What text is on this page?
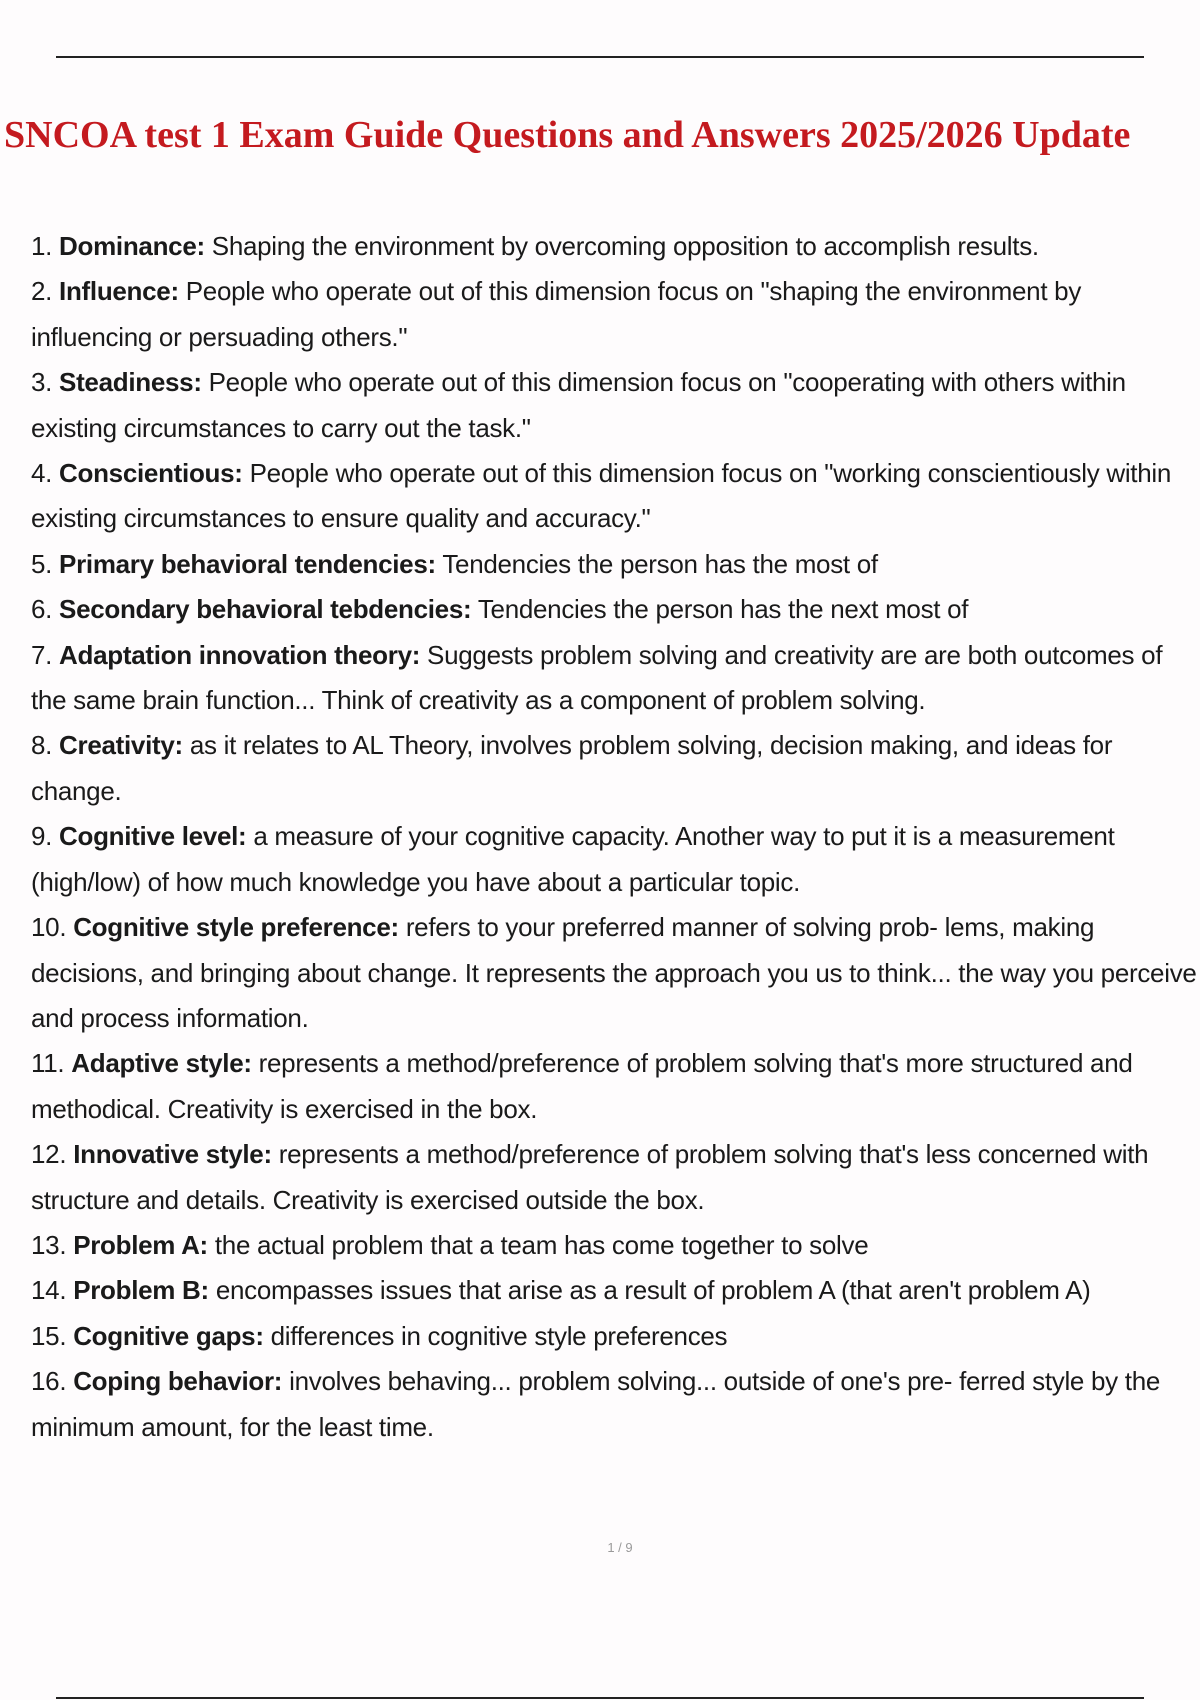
SNCOA test 1 Exam Guide Questions and Answers 2025/2026 Update
1. Dominance: Shaping the environment by overcoming opposition to accomplish results.
2. Influence: People who operate out of this dimension focus on "shaping the environment by influencing or persuading others."
3. Steadiness: People who operate out of this dimension focus on "cooperating with others within existing circumstances to carry out the task."
4. Conscientious: People who operate out of this dimension focus on "working conscientiously within existing circumstances to ensure quality and accuracy."
5. Primary behavioral tendencies: Tendencies the person has the most of
6. Secondary behavioral tebdencies: Tendencies the person has the next most of
7. Adaptation innovation theory: Suggests problem solving and creativity are are both outcomes of the same brain function... Think of creativity as a component of problem solving.
8. Creativity: as it relates to AL Theory, involves problem solving, decision making, and ideas for change.
9. Cognitive level: a measure of your cognitive capacity. Another way to put it is a measurement (high/low) of how much knowledge you have about a particular topic.
10. Cognitive style preference: refers to your preferred manner of solving prob- lems, making decisions, and bringing about change. It represents the approach you us to think... the way you perceive and process information.
11. Adaptive style: represents a method/preference of problem solving that's more structured and methodical. Creativity is exercised in the box.
12. Innovative style: represents a method/preference of problem solving that's less concerned with structure and details. Creativity is exercised outside the box.
13. Problem A: the actual problem that a team has come together to solve
14. Problem B: encompasses issues that arise as a result of problem A (that aren't problem A)
15. Cognitive gaps: differences in cognitive style preferences
16. Coping behavior: involves behaving... problem solving... outside of one's pre- ferred style by the minimum amount, for the least time.
1 / 9
